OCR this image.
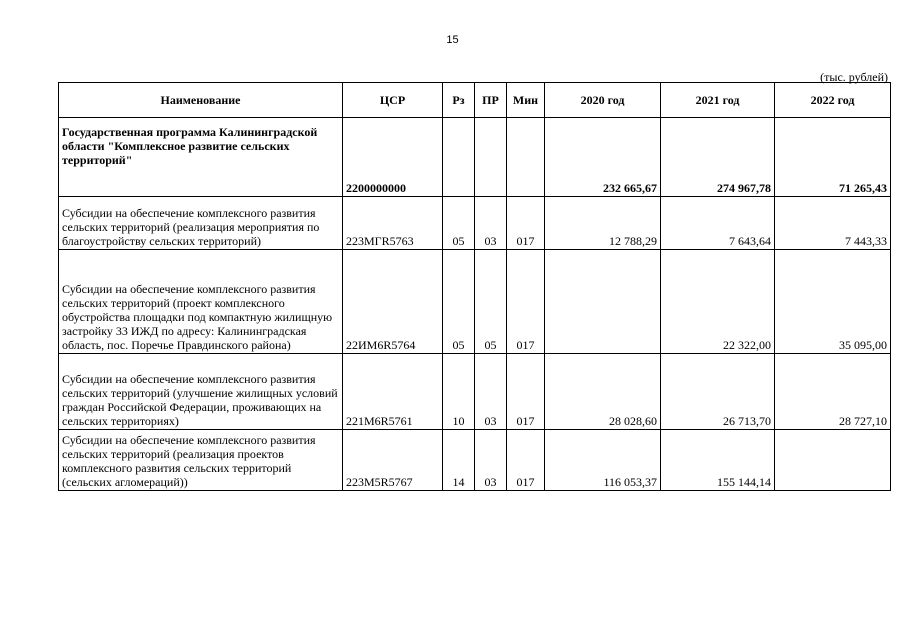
15
(тыс. рублей)
Наименование	ЦСР	Рз	ПР	Мин	2020 год	2021 год	2022 год
Государственная программа Калининградской области "Комплексное развитие сельских территорий"	2200000000				232 665,67	274 967,78	71 265,43
Субсидии на обеспечение комплексного развития сельских территорий (реализация мероприятия по благоустройству сельских территорий)	223МГR5763	05	03	017	12 788,29	7 643,64	7 443,33
Субсидии на обеспечение комплексного развития сельских территорий (проект комплексного обустройства площадки под компактную жилищную застройку 33 ИЖД по адресу: Калининградская область, пос. Поречье Правдинского района)	22ИМ6R5764	05	05	017		22 322,00	35 095,00
Субсидии на обеспечение комплексного развития сельских территорий (улучшение жилищных условий граждан Российской Федерации, проживающих на сельских территориях)	221М6R5761	10	03	017	28 028,60	26 713,70	28 727,10
Субсидии на обеспечение комплексного развития сельских территорий (реализация проектов комплексного развития сельских территорий (сельских агломераций))	223М5R5767	14	03	017	116 053,37	155 144,14	
